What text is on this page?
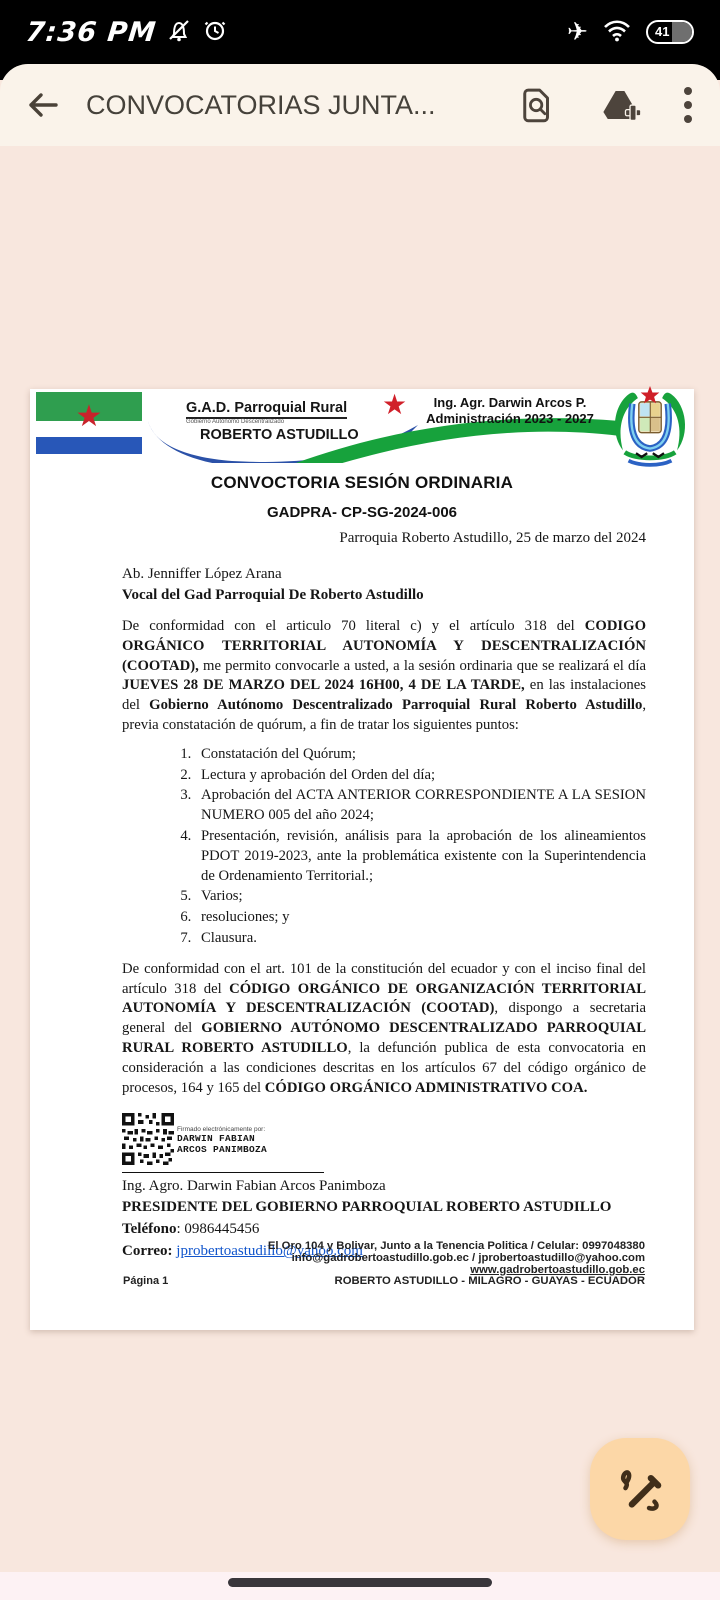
7:36 PM	✈	41
CONVOCATORIAS JUNTA...
★	G.A.D. Parroquial Rural
Gobierno Autónomo Descentralizado
ROBERTO ASTUDILLO
★	Ing. Agr. Darwin Arcos P.
Administración 2023 - 2027
CONVOCTORIA SESIÓN ORDINARIA
GADPRA- CP-SG-2024-006
Parroquia Roberto Astudillo, 25 de marzo del 2024
Ab. Jenniffer López Arana
Vocal del Gad Parroquial De Roberto Astudillo

De conformidad con el articulo 70 literal c) y el artículo 318 del CODIGO ORGÁNICO TERRITORIAL AUTONOMÍA Y DESCENTRALIZACIÓN (COOTAD), me permito convocarle a usted, a la sesión ordinaria que se realizará el día JUEVES 28 DE MARZO DEL 2024 16H00, 4 DE LA TARDE, en las instalaciones del Gobierno Autónomo Descentralizado Parroquial Rural Roberto Astudillo, previa constatación de quórum, a fin de tratar los siguientes puntos:

1. Constatación del Quórum;
2. Lectura y aprobación del Orden del día;
3. Aprobación del ACTA ANTERIOR CORRESPONDIENTE A LA SESION NUMERO 005 del año 2024;
4. Presentación, revisión, análisis para la aprobación de los alineamientos PDOT 2019-2023, ante la problemática existente con la Superintendencia de Ordenamiento Territorial.;
5. Varios;
6. resoluciones; y
7. Clausura.

De conformidad con el art. 101 de la constitución del ecuador y con el inciso final del artículo 318 del CÓDIGO ORGÁNICO DE ORGANIZACIÓN TERRITORIAL AUTONOMÍA Y DESCENTRALIZACIÓN (COOTAD), dispongo a secretaria general del GOBIERNO AUTÓNOMO DESCENTRALIZADO PARROQUIAL RURAL ROBERTO ASTUDILLO, la defunción publica de esta convocatoria en consideración a las condiciones descritas en los artículos 67 del código orgánico de procesos, 164 y 165 del CÓDIGO ORGÁNICO ADMINISTRATIVO COA.

Firmado electrónicamente por:
DARWIN FABIAN
ARCOS PANIMBOZA
Ing. Agro. Darwin Fabian Arcos Panimboza
PRESIDENTE DEL GOBIERNO PARROQUIAL ROBERTO ASTUDILLO
Teléfono: 0986445456
Correo: jprobertoastudillo@yahoo.com
El Oro 104 y Bolivar, Junto a la Tenencia Politica / Celular: 0997048380
info@gadrobertoastudillo.gob.ec / jprobertoastudillo@yahoo.com
www.gadrobertoastudillo.gob.ec
ROBERTO ASTUDILLO - MILAGRO - GUAYAS - ECUADOR
Página 1
